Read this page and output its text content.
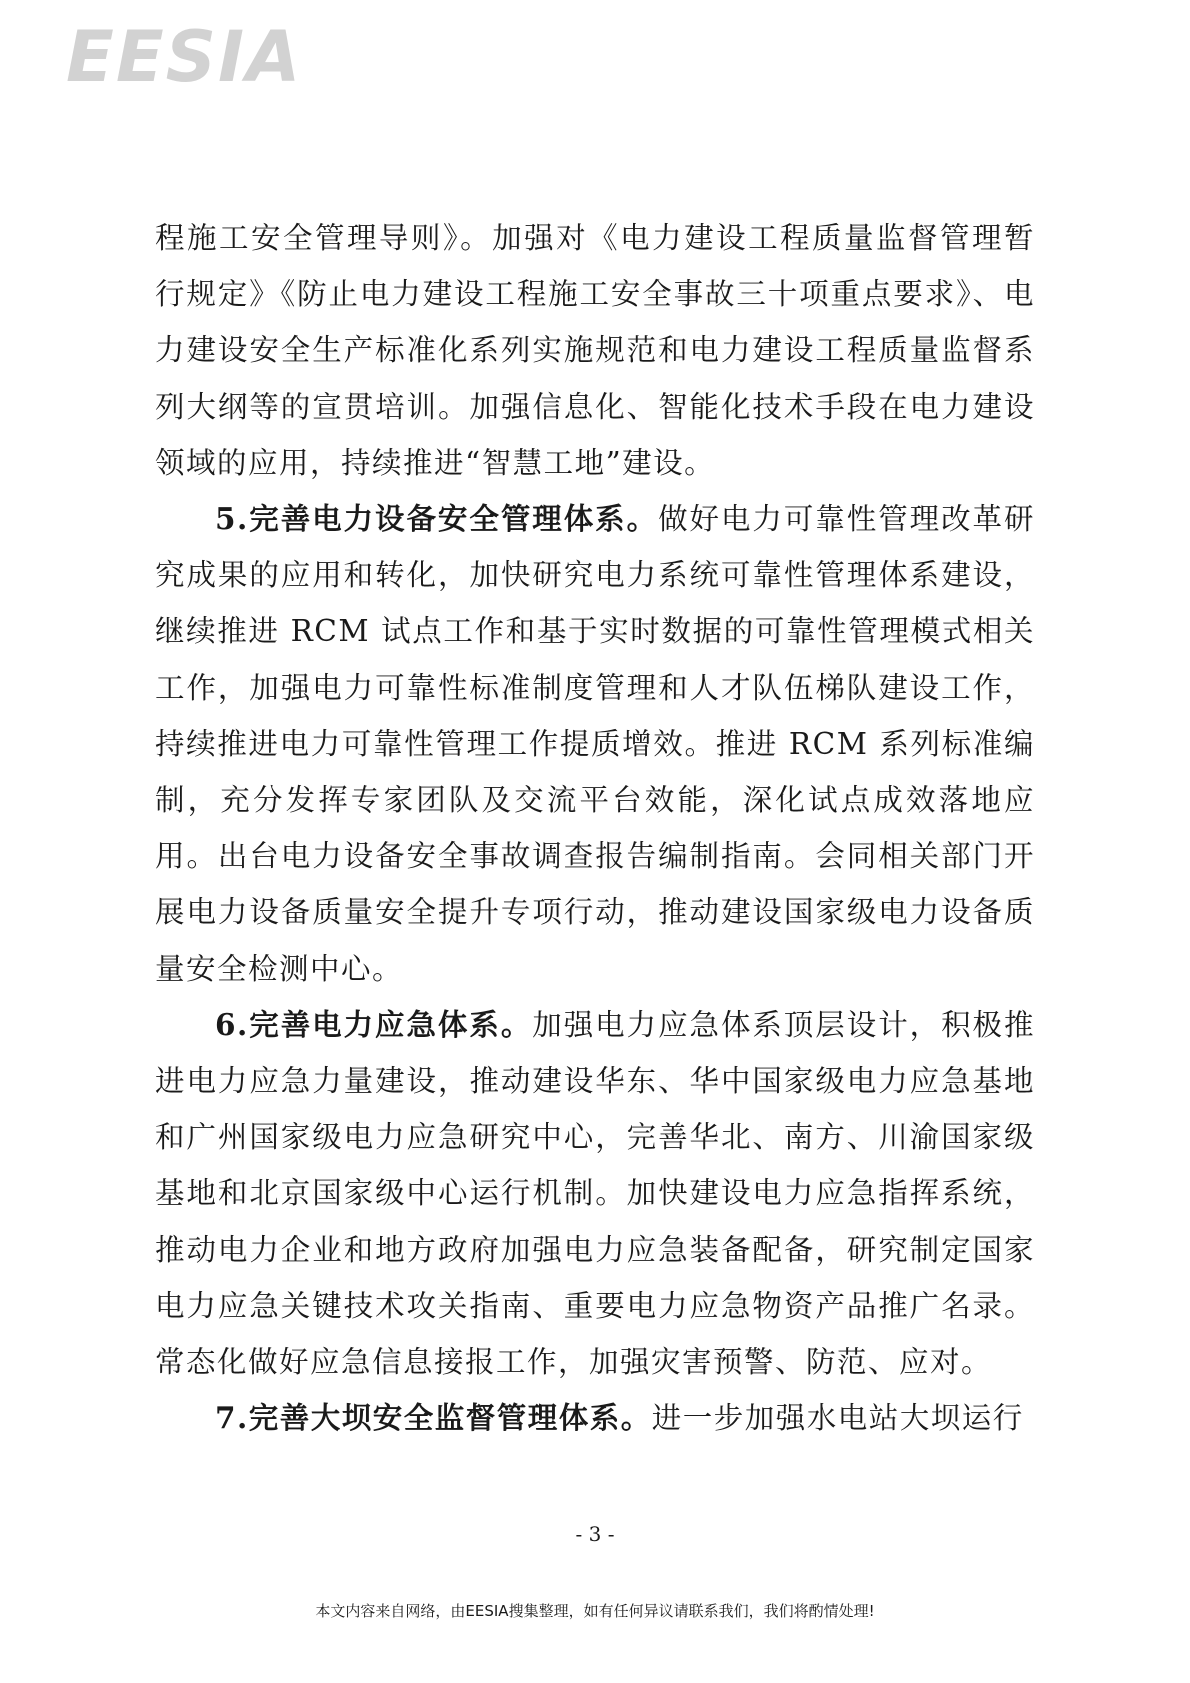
EESIA

程施工安全管理导则》。加强对《电力建设工程质量监督管理暂行规定》《防止电力建设工程施工安全事故三十项重点要求》、电力建设安全生产标准化系列实施规范和电力建设工程质量监督系列大纲等的宣贯培训。加强信息化、智能化技术手段在电力建设领域的应用，持续推进“智慧工地”建设。

5.完善电力设备安全管理体系。做好电力可靠性管理改革研究成果的应用和转化，加快研究电力系统可靠性管理体系建设，继续推进 RCM 试点工作和基于实时数据的可靠性管理模式相关工作，加强电力可靠性标准制度管理和人才队伍梯队建设工作，持续推进电力可靠性管理工作提质增效。推进 RCM 系列标准编制，充分发挥专家团队及交流平台效能，深化试点成效落地应用。出台电力设备安全事故调查报告编制指南。会同相关部门开展电力设备质量安全提升专项行动，推动建设国家级电力设备质量安全检测中心。

6.完善电力应急体系。加强电力应急体系顶层设计，积极推进电力应急力量建设，推动建设华东、华中国家级电力应急基地和广州国家级电力应急研究中心，完善华北、南方、川渝国家级基地和北京国家级中心运行机制。加快建设电力应急指挥系统，推动电力企业和地方政府加强电力应急装备配备，研究制定国家电力应急关键技术攻关指南、重要电力应急物资产品推广名录。常态化做好应急信息接报工作，加强灾害预警、防范、应对。

7.完善大坝安全监督管理体系。进一步加强水电站大坝运行

- 3 -
本文内容来自网络，由EESIA搜集整理，如有任何异议请联系我们，我们将酌情处理!
